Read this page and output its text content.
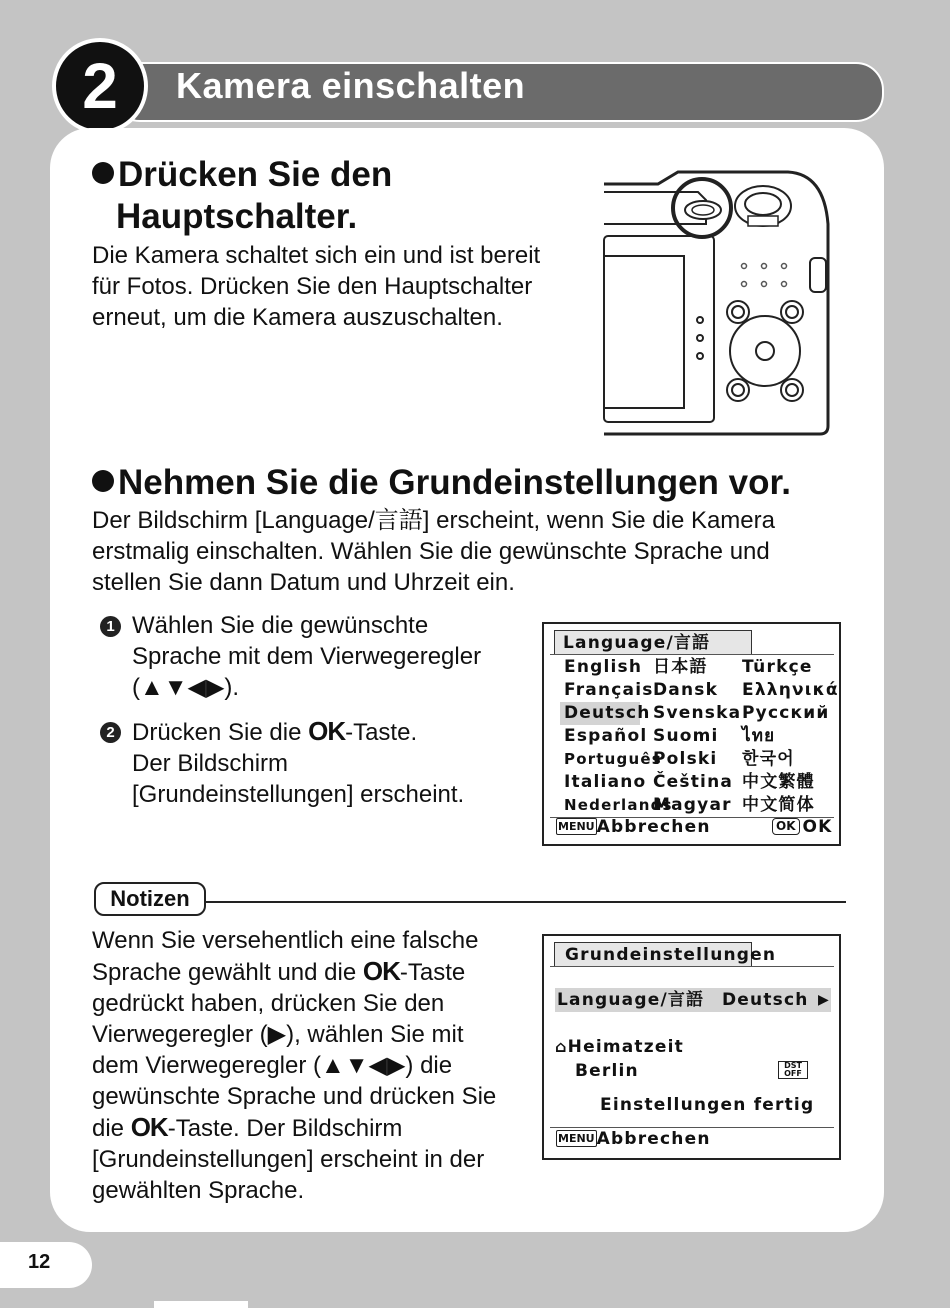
Kamera einschalten
2
Drücken Sie den
Hauptschalter.
Die Kamera schaltet sich ein und ist bereit
für Fotos. Drücken Sie den Hauptschalter
erneut, um die Kamera auszuschalten.
Nehmen Sie die Grundeinstellungen vor.
Der Bildschirm [Language/言語] erscheint, wenn Sie die Kamera
erstmalig einschalten. Wählen Sie die gewünschte Sprache und
stellen Sie dann Datum und Uhrzeit ein.
1 Wählen Sie die gewünschte
Sprache mit dem Vierwegeregler
(▲▼◀▶).
2 Drücken Sie die OK-Taste.
Der Bildschirm
[Grundeinstellungen] erscheint.
Language/言語
English
Français
Deutsch
Español
Português
Italiano
Nederlands
日本語
Dansk
Svenska
Suomi
Polski
Čeština
Magyar
Türkçe
Ελληνικά
Русский
ไทย
한국어
中文繁體
中文简体
MENU Abbrechen	OK OK
Notizen
Wenn Sie versehentlich eine falsche
Sprache gewählt und die OK-Taste
gedrückt haben, drücken Sie den
Vierwegeregler (▶), wählen Sie mit
dem Vierwegeregler (▲▼◀▶) die
gewünschte Sprache und drücken Sie
die OK-Taste. Der Bildschirm
[Grundeinstellungen] erscheint in der
gewählten Sprache.
Grundeinstellungen
Language/言語 Deutsch ▶
⌂Heimatzeit
Berlin	DST
OFF
Einstellungen fertig
MENU Abbrechen
12
